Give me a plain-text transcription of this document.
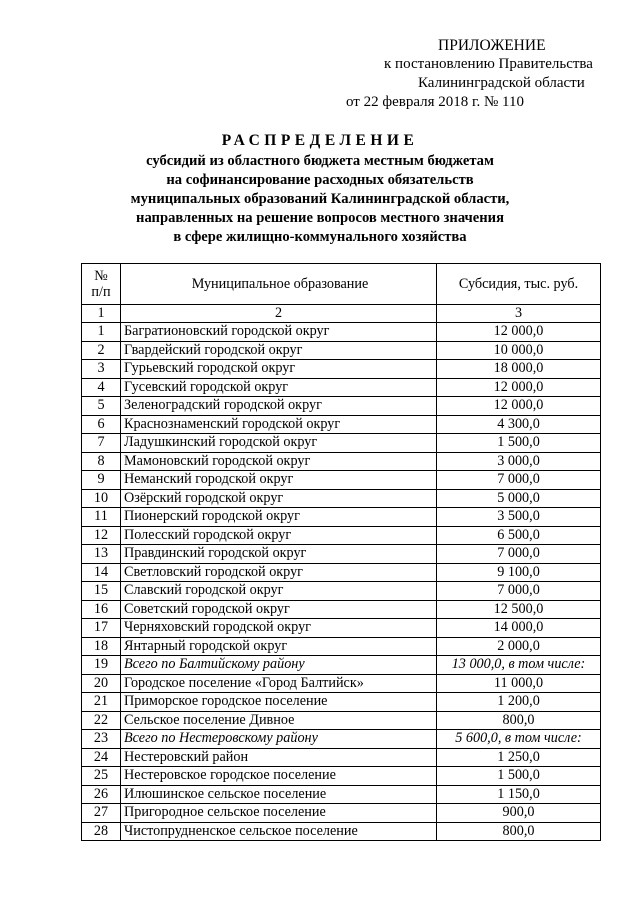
ПРИЛОЖЕНИЕ
к постановлению Правительства
Калининградской области
от 22 февраля 2018 г. № 110
РАСПРЕДЕЛЕНИЕ
субсидий из областного бюджета местным бюджетам
на софинансирование расходных обязательств
муниципальных образований Калининградской области,
направленных на решение вопросов местного значения
в сфере жилищно-коммунального хозяйства
№
п/п	Муниципальное образование	Субсидия, тыс. руб.
1	2	3
1	Багратионовский городской округ	12 000,0
2	Гвардейский городской округ	10 000,0
3	Гурьевский городской округ	18 000,0
4	Гусевский городской округ	12 000,0
5	Зеленоградский городской округ	12 000,0
6	Краснознаменский городской округ	4 300,0
7	Ладушкинский городской округ	1 500,0
8	Мамоновский городской округ	3 000,0
9	Неманский городской округ	7 000,0
10	Озёрский городской округ	5 000,0
11	Пионерский городской округ	3 500,0
12	Полесский городской округ	6 500,0
13	Правдинский городской округ	7 000,0
14	Светловский городской округ	9 100,0
15	Славский городской округ	7 000,0
16	Советский городской округ	12 500,0
17	Черняховский городской округ	14 000,0
18	Янтарный городской округ	2 000,0
19	Всего по Балтийскому району	13 000,0, в том числе:
20	Городское поселение «Город Балтийск»	11 000,0
21	Приморское городское поселение	1 200,0
22	Сельское поселение Дивное	800,0
23	Всего по Нестеровскому району	5 600,0, в том числе:
24	Нестеровский район	1 250,0
25	Нестеровское городское поселение	1 500,0
26	Илюшинское сельское поселение	1 150,0
27	Пригородное сельское поселение	900,0
28	Чистопрудненское сельское поселение	800,0
